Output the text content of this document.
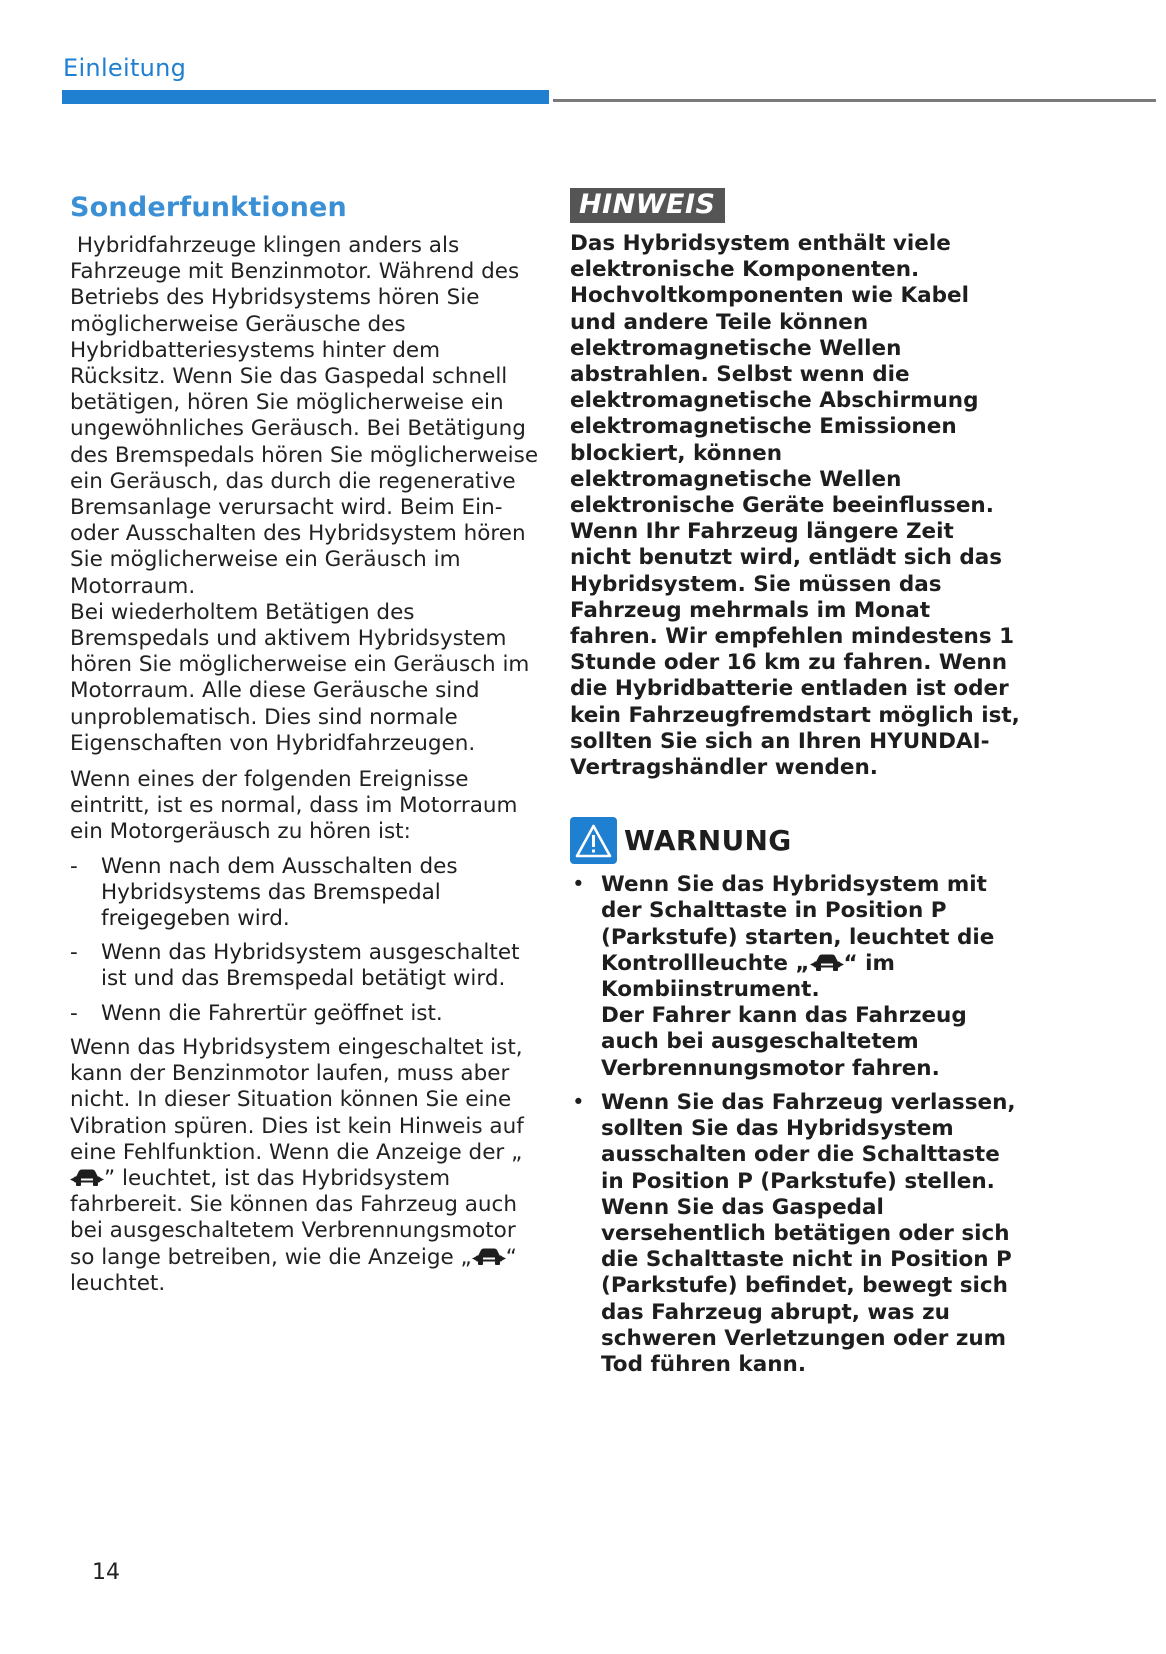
Einleitung
Sonderfunktionen

Hybridfahrzeuge klingen anders als Fahrzeuge mit Benzinmotor. Während des Betriebs des Hybridsystems hören Sie möglicherweise Geräusche des Hybridbatteriesystems hinter dem Rücksitz. Wenn Sie das Gaspedal schnell betätigen, hören Sie möglicherweise ein ungewöhnliches Geräusch. Bei Betätigung des Bremspedals hören Sie möglicherweise ein Geräusch, das durch die regenerative Bremsanlage verursacht wird. Beim Ein- oder Ausschalten des Hybridsystem hören Sie möglicherweise ein Geräusch im Motorraum.
Bei wiederholtem Betätigen des Bremspedals und aktivem Hybridsystem hören Sie möglicherweise ein Geräusch im Motorraum. Alle diese Geräusche sind unproblematisch. Dies sind normale Eigenschaften von Hybridfahrzeugen.

Wenn eines der folgenden Ereignisse eintritt, ist es normal, dass im Motorraum ein Motorgeräusch zu hören ist:

- Wenn nach dem Ausschalten des Hybridsystems das Bremspedal freigegeben wird.
- Wenn das Hybridsystem ausgeschaltet ist und das Bremspedal betätigt wird.
- Wenn die Fahrertür geöffnet ist.

Wenn das Hybridsystem eingeschaltet ist, kann der Benzinmotor laufen, muss aber nicht. In dieser Situation können Sie eine Vibration spüren. Dies ist kein Hinweis auf eine Fehlfunktion. Wenn die Anzeige der „” leuchtet, ist das Hybridsystem fahrbereit. Sie können das Fahrzeug auch bei ausgeschaltetem Verbrennungsmotor so lange betreiben, wie die Anzeige „ “ leuchtet.

HINWEIS

Das Hybridsystem enthält viele elektronische Komponenten. Hochvoltkomponenten wie Kabel und andere Teile können elektromagnetische Wellen abstrahlen. Selbst wenn die elektromagnetische Abschirmung elektromagnetische Emissionen blockiert, können elektromagnetische Wellen elektronische Geräte beeinflussen. Wenn Ihr Fahrzeug längere Zeit nicht benutzt wird, entlädt sich das Hybridsystem. Sie müssen das Fahrzeug mehrmals im Monat fahren. Wir empfehlen mindestens 1 Stunde oder 16 km zu fahren. Wenn die Hybridbatterie entladen ist oder kein Fahrzeugfremdstart möglich ist, sollten Sie sich an Ihren HYUNDAI-Vertragshändler wenden.

WARNUNG
• Wenn Sie das Hybridsystem mit der Schalttaste in Position P (Parkstufe) starten, leuchtet die Kontrollleuchte „ “ im Kombiinstrument.
Der Fahrer kann das Fahrzeug auch bei ausgeschaltetem Verbrennungsmotor fahren.
• Wenn Sie das Fahrzeug verlassen, sollten Sie das Hybridsystem ausschalten oder die Schalttaste in Position P (Parkstufe) stellen. Wenn Sie das Gaspedal versehentlich betätigen oder sich die Schalttaste nicht in Position P (Parkstufe) befindet, bewegt sich das Fahrzeug abrupt, was zu schweren Verletzungen oder zum Tod führen kann.
14
